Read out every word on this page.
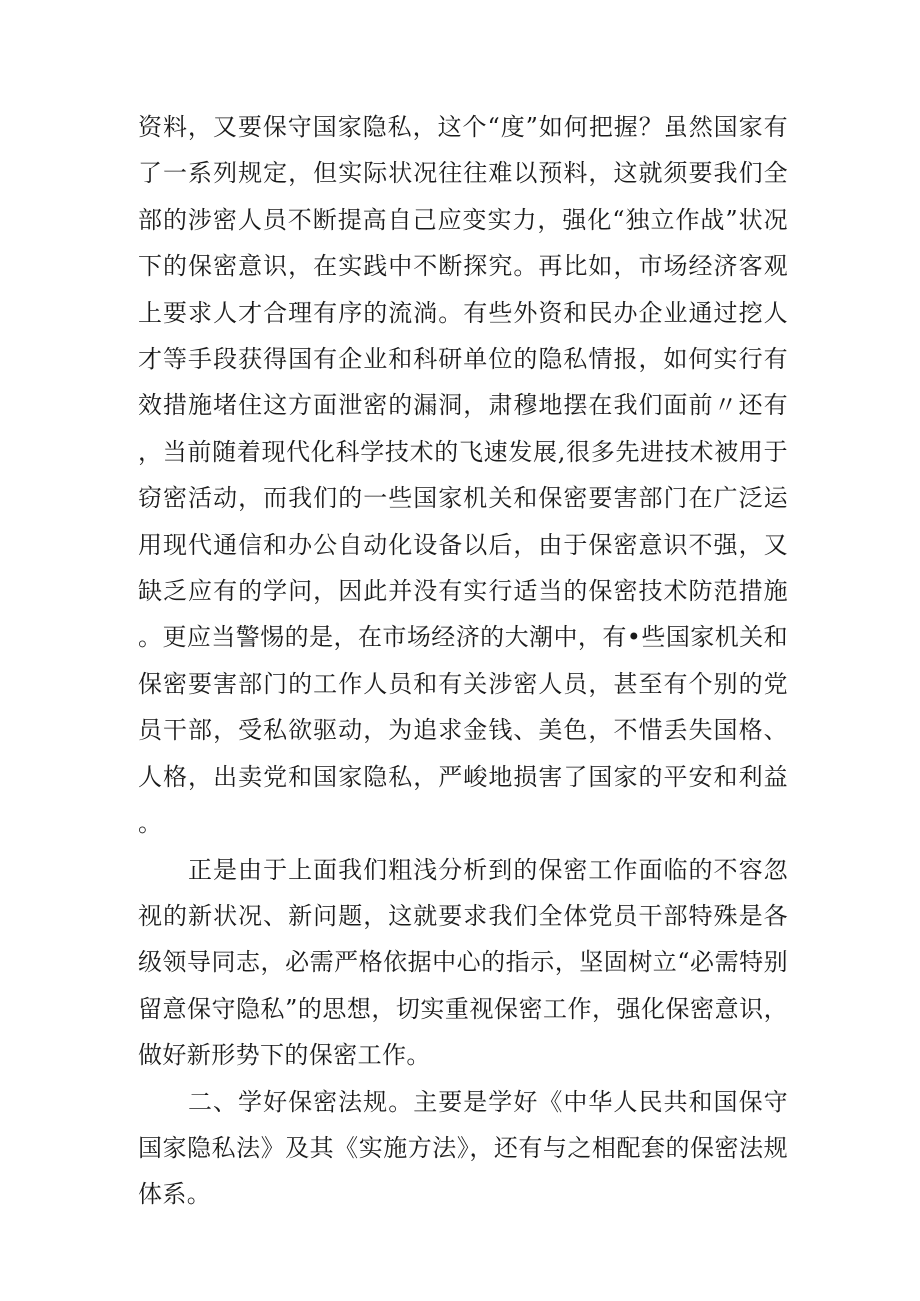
资料，又要保守国家隐私，这个“度”如何把握？虽然国家有了一系列规定，但实际状况往往难以预料，这就须要我们全部的涉密人员不断提高自己应变实力，强化“独立作战”状况下的保密意识，在实践中不断探究。再比如，市场经济客观上要求人才合理有序的流淌。有些外资和民办企业通过挖人才等手段获得国有企业和科研单位的隐私情报，如何实行有效措施堵住这方面泄密的漏洞，肃穆地摆在我们面前〃还有，当前随着现代化科学技术的飞速发展,很多先进技术被用于窃密活动，而我们的一些国家机关和保密要害部门在广泛运用现代通信和办公自动化设备以后，由于保密意识不强，又缺乏应有的学问，因此并没有实行适当的保密技术防范措施。更应当警惕的是，在市场经济的大潮中，有•些国家机关和保密要害部门的工作人员和有关涉密人员，甚至有个别的党员干部，受私欲驱动，为追求金钱、美色，不惜丢失国格、人格，出卖党和国家隐私，严峻地损害了国家的平安和利益。

正是由于上面我们粗浅分析到的保密工作面临的不容忽视的新状况、新问题，这就要求我们全体党员干部特殊是各级领导同志，必需严格依据中心的指示，坚固树立“必需特别留意保守隐私”的思想，切实重视保密工作，强化保密意识，做好新形势下的保密工作。

二、学好保密法规。主要是学好《中华人民共和国保守国家隐私法》及其《实施方法》，还有与之相配套的保密法规体系。
